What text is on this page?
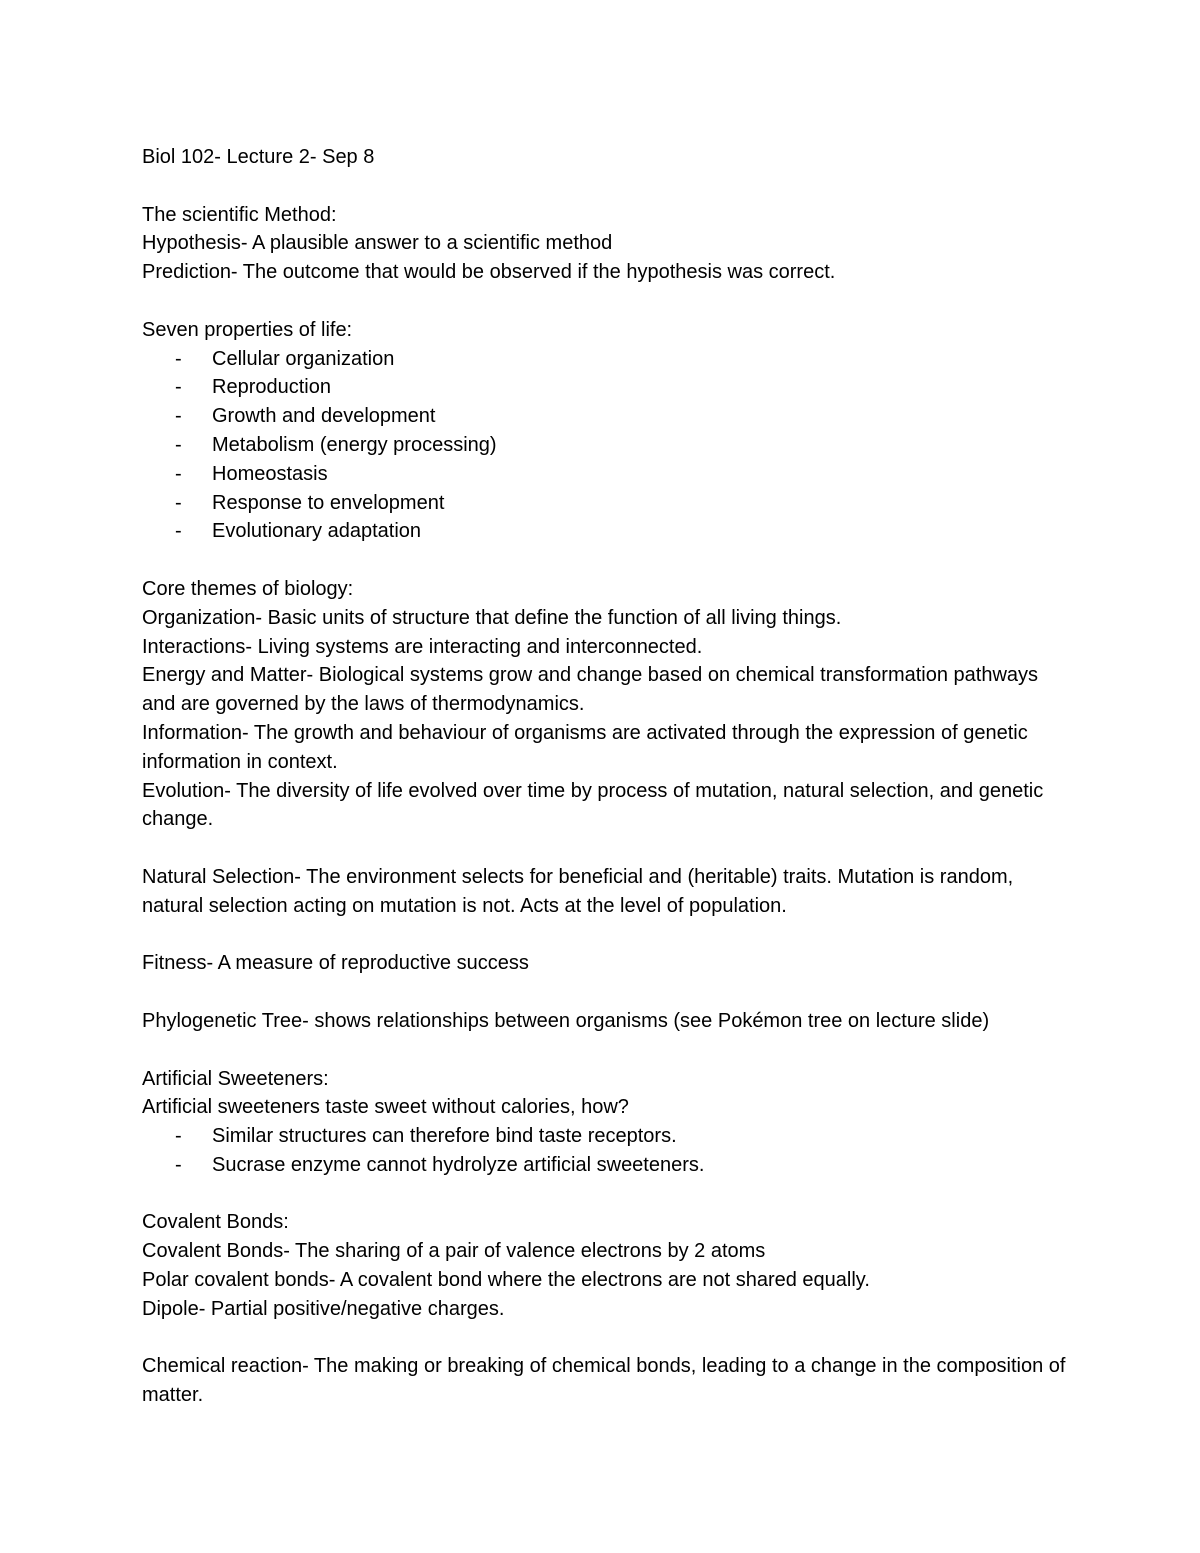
Biol 102- Lecture 2- Sep 8

The scientific Method:

Hypothesis- A plausible answer to a scientific method

Prediction- The outcome that would be observed if the hypothesis was correct.

Seven properties of life:

- Cellular organization
- Reproduction
- Growth and development
- Metabolism (energy processing)
- Homeostasis
- Response to envelopment
- Evolutionary adaptation

Core themes of biology:

Organization- Basic units of structure that define the function of all living things.

Interactions- Living systems are interacting and interconnected.

Energy and Matter- Biological systems grow and change based on chemical transformation pathways and are governed by the laws of thermodynamics.

Information- The growth and behaviour of organisms are activated through the expression of genetic information in context.

Evolution- The diversity of life evolved over time by process of mutation, natural selection, and genetic change.

Natural Selection- The environment selects for beneficial and (heritable) traits. Mutation is random, natural selection acting on mutation is not. Acts at the level of population.

Fitness- A measure of reproductive success

Phylogenetic Tree- shows relationships between organisms (see Pokémon tree on lecture slide)

Artificial Sweeteners:

Artificial sweeteners taste sweet without calories, how?

- Similar structures can therefore bind taste receptors.
- Sucrase enzyme cannot hydrolyze artificial sweeteners.

Covalent Bonds:

Covalent Bonds- The sharing of a pair of valence electrons by 2 atoms

Polar covalent bonds- A covalent bond where the electrons are not shared equally.

Dipole- Partial positive/negative charges.

Chemical reaction- The making or breaking of chemical bonds, leading to a change in the composition of matter.
